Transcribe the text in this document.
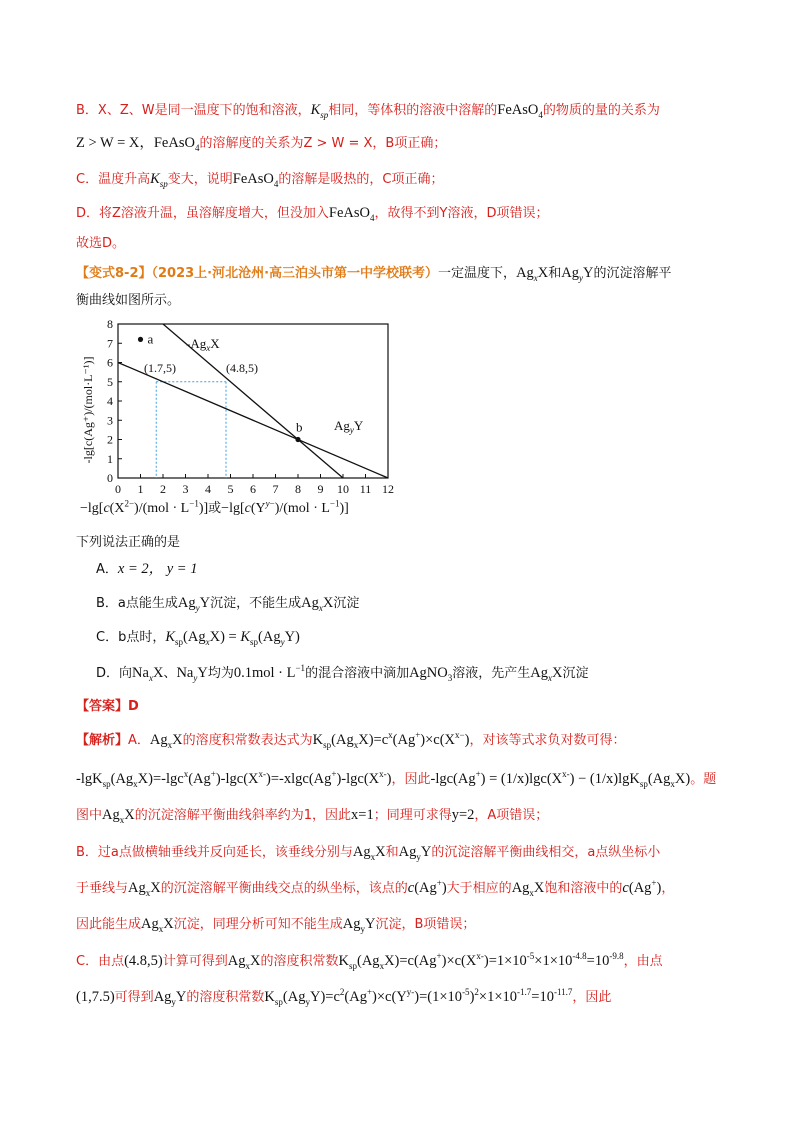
B．X、Z、W是同一温度下的饱和溶液，$K_{sp}$相同，等体积的溶液中溶解的FeAsO$_4$的物质的量的关系为
Z > W = X，FeAsO$_4$的溶解度的关系为Z > W = X，B项正确；
C．温度升高$K_{sp}$变大，说明FeAsO$_4$的溶解是吸热的，C项正确；
D．将Z溶液升温，虽溶解度增大，但没加入FeAsO$_4$，故得不到Y溶液，D项错误；
故选D。
【变式8-2】（2023上·河北沧州·高三泊头市第一中学校联考）一定温度下，$Ag_xX$和$Ag_yY$的沉淀溶解平
衡曲线如图所示。
0 1 2 3 4 5 6 7 8 9 10 11 12
0
1
2
3
4
5
6
7
8
a
b
-lg[c(Ag⁺)/(mol·L⁻¹)]
$-Ag_xX$
$Ag_yY$
(1.7,5)	(4.8,5)
$-\lg[c(X^{2-})/(mol \cdot L^{-1})]$或$-\lg[c(Y^{y-})/(mol \cdot L^{-1})]$
下列说法正确的是
A．x = 2， y = 1
B．a点能生成$Ag_yY$沉淀，不能生成$Ag_xX$沉淀
C．b点时，$K_{sp}(Ag_xX) = K_{sp}(Ag_yY)$
D．向$Na_xX$、$Na_yY$均为$0.1mol \cdot L^{-1}$的混合溶液中滴加AgNO$_3$溶液，先产生$Ag_xX$沉淀
【答案】D
【解析】A．$Ag_xX$的溶度积常数表达式为$K_{sp}(Ag_xX)=c^x(Ag^+)\times c(X^{x-})$，对该等式求负对数可得：
$-\lg K_{sp}(Ag_xX)=-\lg c^x(Ag^+)-\lg c(X^{x-})=-xlgc(Ag^+)-\lg c(X^{x-})$，因此$-\lg c(Ag^+) = (1/x)\lg c(X^{x-}) - (1/x)\lg K_{sp}(Ag_xX)$。题
图中$Ag_xX$的沉淀溶解平衡曲线斜率约为1，因此x=1；同理可求得y=2，A项错误；
B．过a点做横轴垂线并反向延长，该垂线分别与$Ag_xX$和$Ag_yY$的沉淀溶解平衡曲线相交，a点纵坐标小
于垂线与$Ag_xX$的沉淀溶解平衡曲线交点的纵坐标，该点的c(Ag+)大于相应的$Ag_xX$饱和溶液中的c(Ag+)，
因此能生成$Ag_xX$沉淀，同理分析可知不能生成$Ag_yY$沉淀，B项错误；
C．由点(4.8,5)计算可得到$Ag_xX$的溶度积常数$K_{sp}(Ag_xX)=c(Ag^+)\times c(X^{x-})=1\times 10^{-5}\times 1\times 10^{-4.8}=10^{-9.8}$，由点
(1,7.5)可得到$Ag_yY$的溶度积常数$K_{sp}(Ag_yY)=c^2(Ag^+)\times c(Y^{y-})=(1\times 10^{-5})^2\times 1\times 10^{-1.7}=10^{-11.7}$，因此
